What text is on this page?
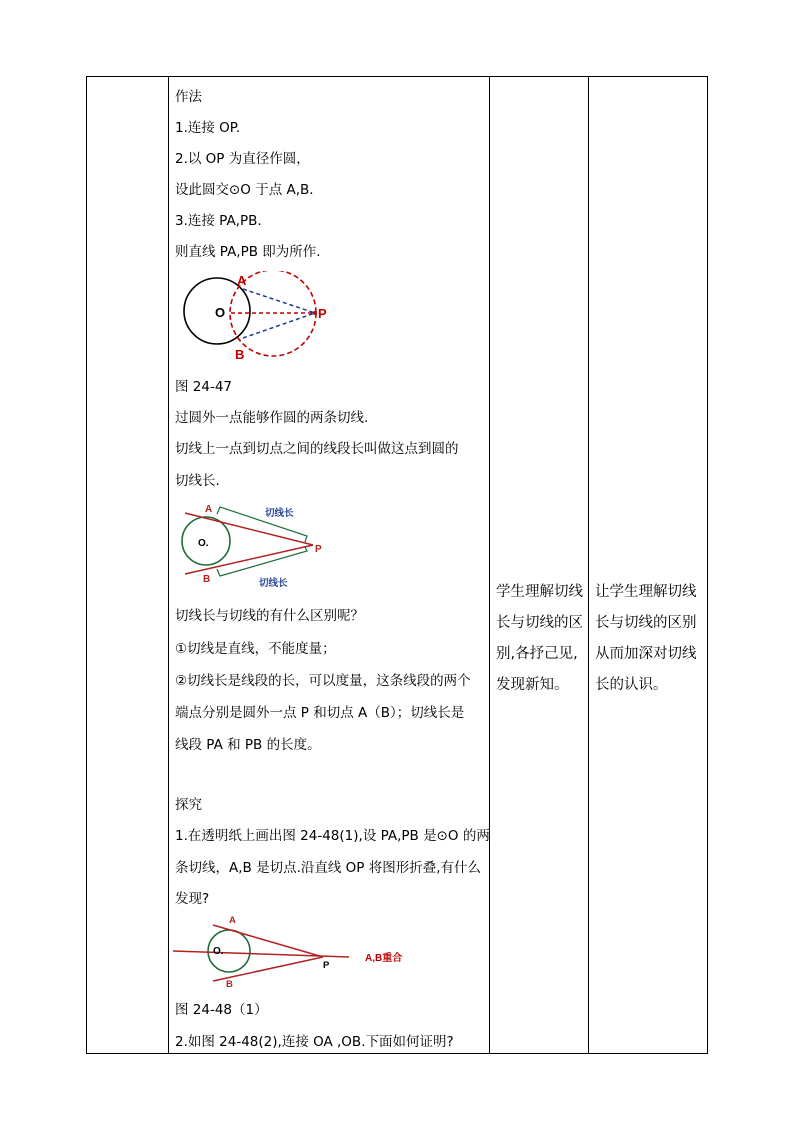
作法
1.连接 OP.
2.以 OP 为直径作圆，
设此圆交⊙O 于点 A,B.
3.连接 PA,PB.
则直线 PA,PB 即为所作.
A
O	P
B
图 24-47
过圆外一点能够作圆的两条切线.
切线上一点到切点之间的线段长叫做这点到圆的
切线长.
切线长
切线长
A
O.
P
B
切线长与切线的有什么区别呢？
①切线是直线，不能度量；
②切线长是线段的长，可以度量，这条线段的两个
端点分别是圆外一点 P 和切点 A（B）；切线长是
线段 PA 和 PB 的长度。
探究
1.在透明纸上画出图 24-48(1),设 PA,PB 是⊙O 的两
条切线，A,B 是切点.沿直线 OP 将图形折叠,有什么
发现?
A
O.
P
B
A,B重合
图 24-48（1）
2.如图 24-48(2),连接 OA ,OB.下面如何证明?
学生理解切线
长与切线的区
别,各抒己见,
发现新知。
让学生理解切线
长与切线的区别
从而加深对切线
长的认识。
